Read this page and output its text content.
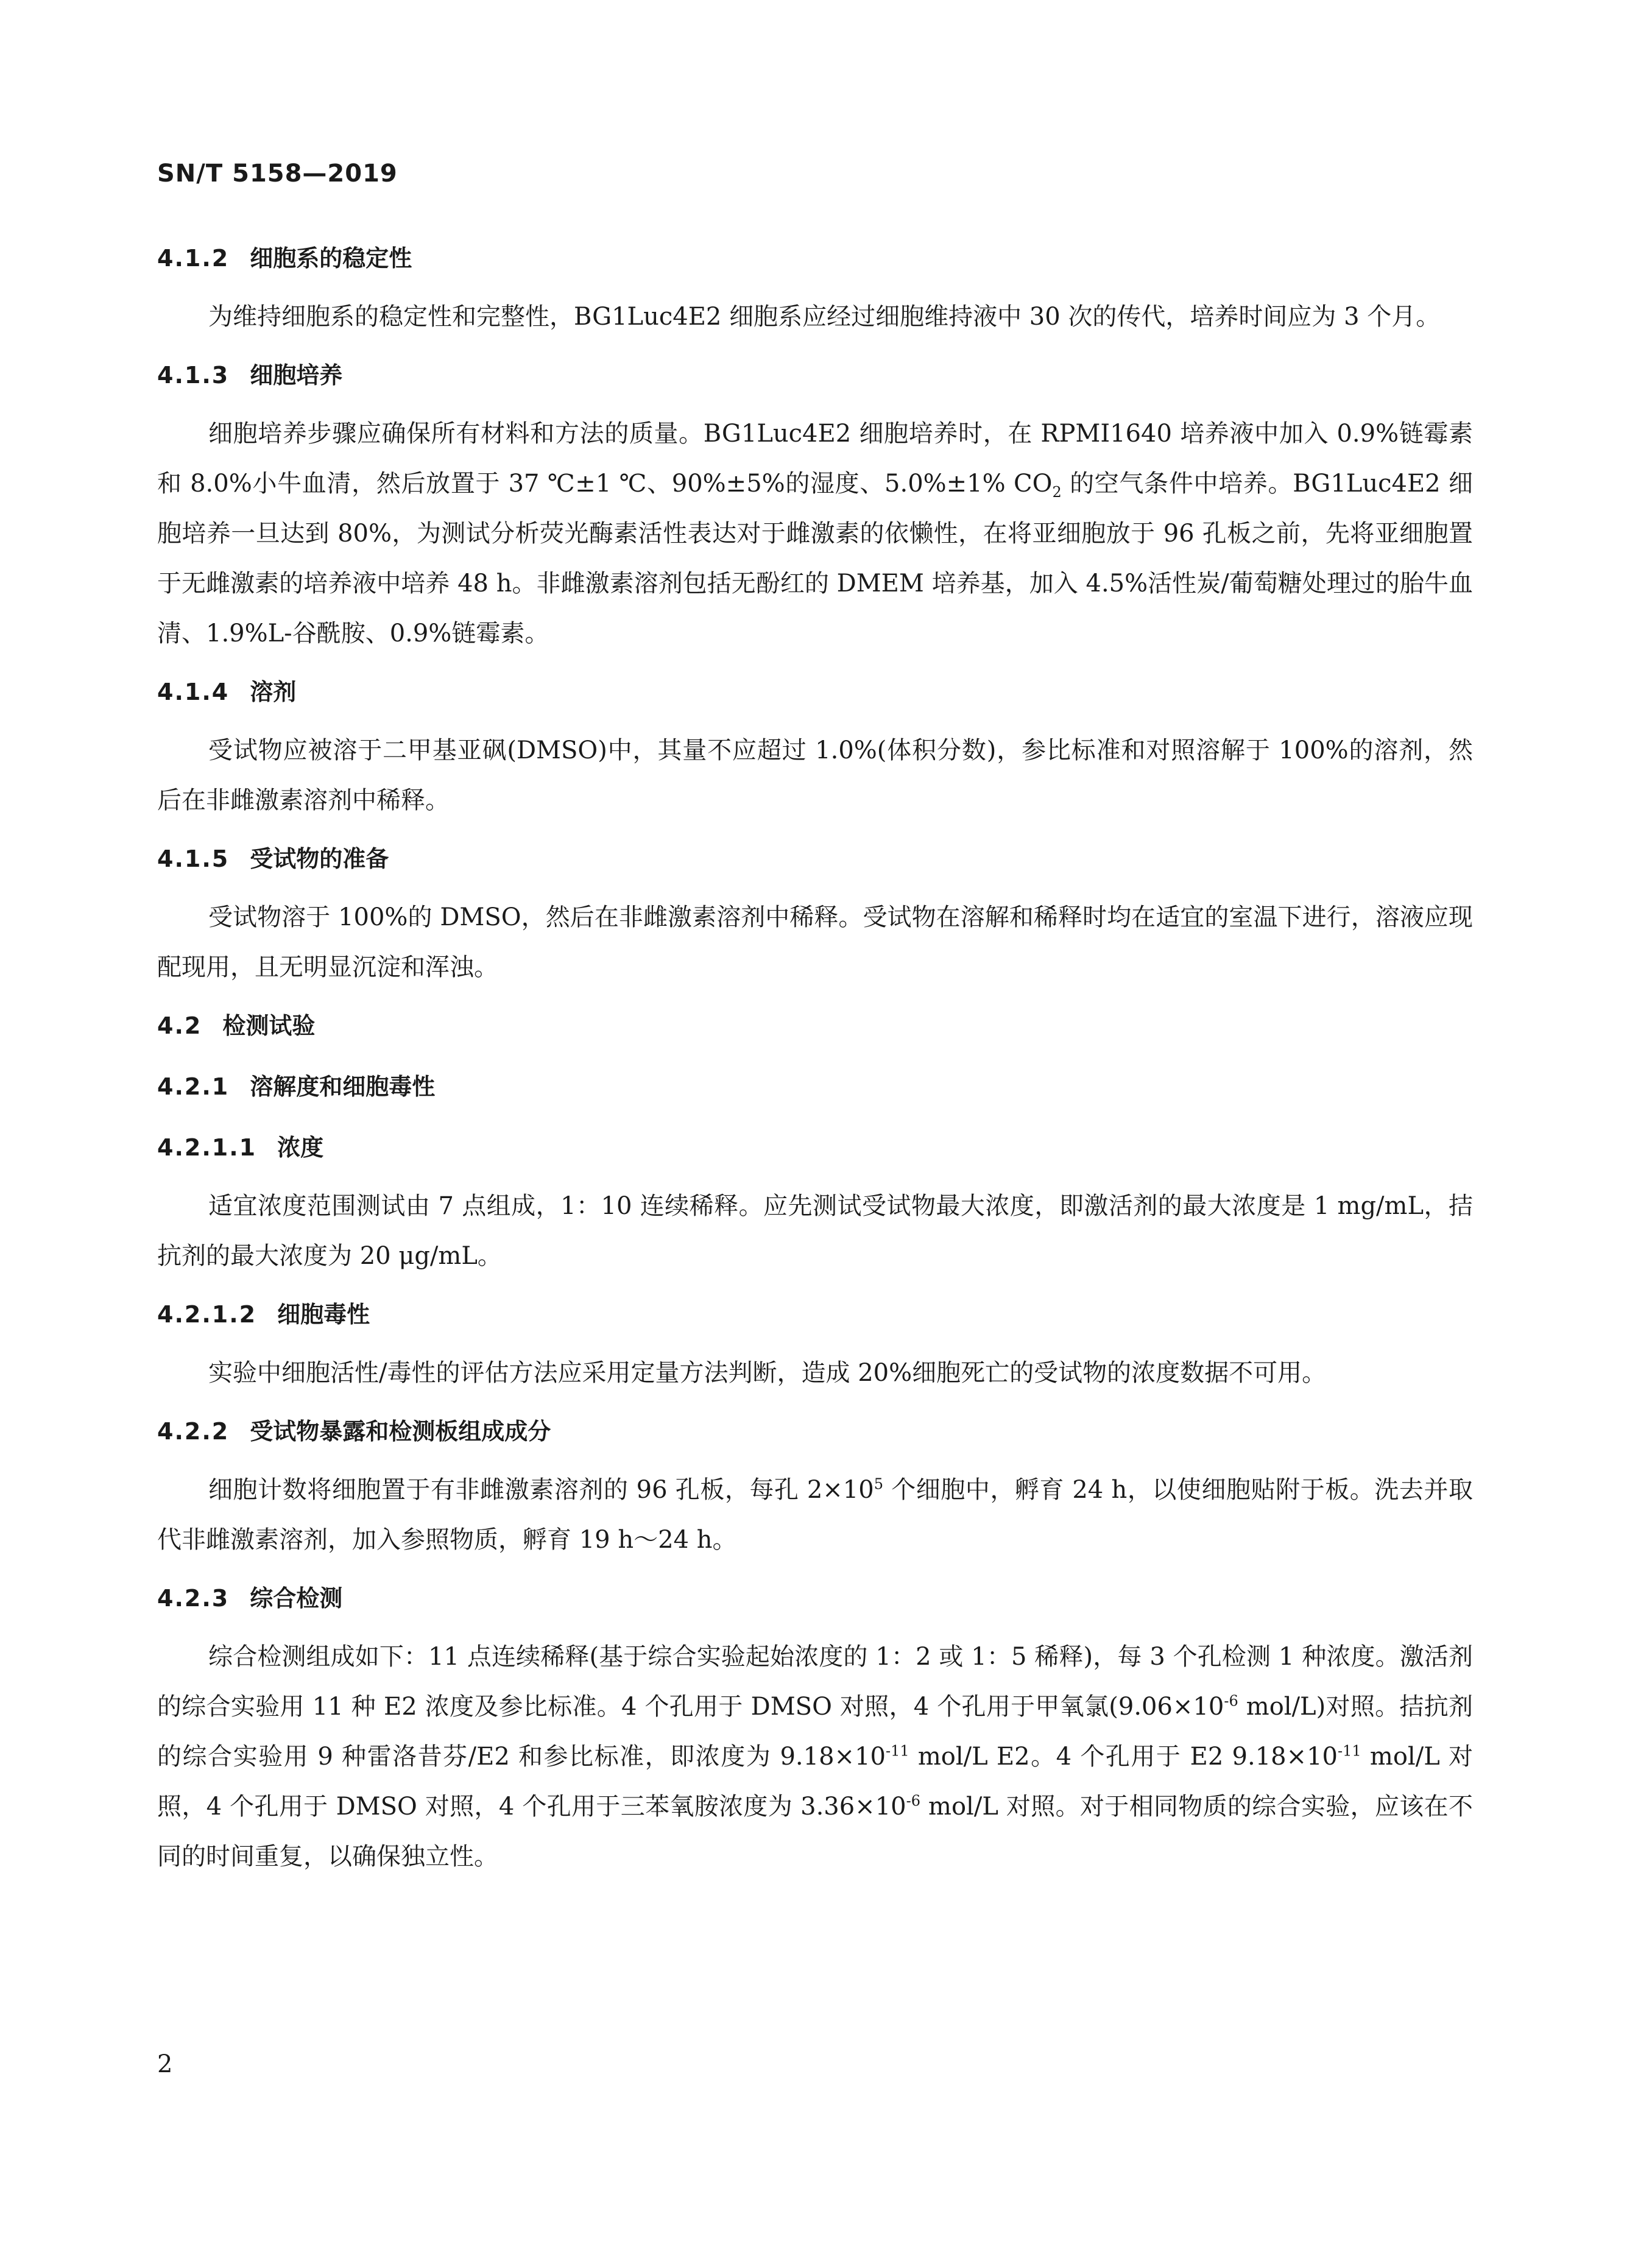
SN/T 5158—2019
4.1.2 细胞系的稳定性

为维持细胞系的稳定性和完整性，BG1Luc4E2 细胞系应经过细胞维持液中 30 次的传代，培养时间应为 3 个月。

4.1.3 细胞培养

细胞培养步骤应确保所有材料和方法的质量。BG1Luc4E2 细胞培养时，在 RPMI1640 培养液中加入 0.9%链霉素和 8.0%小牛血清，然后放置于 37 ℃±1 ℃、90%±5%的湿度、5.0%±1% $CO_2$ 的空气条件中培养。BG1Luc4E2 细胞培养一旦达到 80%，为测试分析荧光酶素活性表达对于雌激素的依懒性，在将亚细胞放于 96 孔板之前，先将亚细胞置于无雌激素的培养液中培养 48 h。非雌激素溶剂包括无酚红的 DMEM 培养基，加入 4.5%活性炭/葡萄糖处理过的胎牛血清、1.9%L-谷酰胺、0.9%链霉素。

4.1.4 溶剂

受试物应被溶于二甲基亚砜(DMSO)中，其量不应超过 1.0%(体积分数)，参比标准和对照溶解于 100%的溶剂，然后在非雌激素溶剂中稀释。

4.1.5 受试物的准备

受试物溶于 100%的 DMSO，然后在非雌激素溶剂中稀释。受试物在溶解和稀释时均在适宜的室温下进行，溶液应现配现用，且无明显沉淀和浑浊。

4.2 检测试验
4.2.1 溶解度和细胞毒性
4.2.1.1 浓度

适宜浓度范围测试由 7 点组成，1：10 连续稀释。应先测试受试物最大浓度，即激活剂的最大浓度是 1 mg/mL，拮抗剂的最大浓度为 20 μg/mL。

4.2.1.2 细胞毒性

实验中细胞活性/毒性的评估方法应采用定量方法判断，造成 20%细胞死亡的受试物的浓度数据不可用。

4.2.2 受试物暴露和检测板组成成分

细胞计数将细胞置于有非雌激素溶剂的 96 孔板，每孔 $2\times 10^5$ 个细胞中，孵育 24 h，以使细胞贴附于板。洗去并取代非雌激素溶剂，加入参照物质，孵育 19 h～24 h。

4.2.3 综合检测

综合检测组成如下：11 点连续稀释(基于综合实验起始浓度的 1：2 或 1：5 稀释)，每 3 个孔检测 1 种浓度。激活剂的综合实验用 11 种 E2 浓度及参比标准。4 个孔用于 DMSO 对照，4 个孔用于甲氧氯($9.06\times 10^{-6}$ mol/L)对照。拮抗剂的综合实验用 9 种雷洛昔芬/E2 和参比标准，即浓度为 $9.18\times 10^{-11}$ mol/L E2。4 个孔用于 E2 $9.18\times 10^{-11}$ mol/L 对照，4 个孔用于 DMSO 对照，4 个孔用于三苯氧胺浓度为 $3.36\times 10^{-6}$ mol/L 对照。对于相同物质的综合实验，应该在不同的时间重复，以确保独立性。

2
